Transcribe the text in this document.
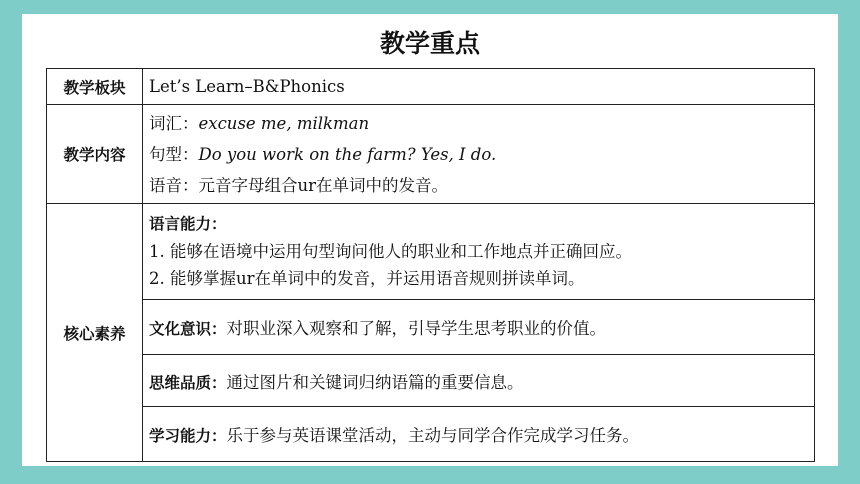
教学重点
教学板块	Let’s Learn–B&Phonics
教学内容	词汇：excuse me, milkman
句型：Do you work on the farm? Yes, I do.
语音：元音字母组合ur在单词中的发音。

核心素养	语言能力：
1. 能够在语境中运用句型询问他人的职业和工作地点并正确回应。
2. 能够掌握ur在单词中的发音，并运用语音规则拼读单词。

	文化意识：对职业深入观察和了解，引导学生思考职业的价值。
	思维品质：通过图片和关键词归纳语篇的重要信息。
	学习能力：乐于参与英语课堂活动，主动与同学合作完成学习任务。
